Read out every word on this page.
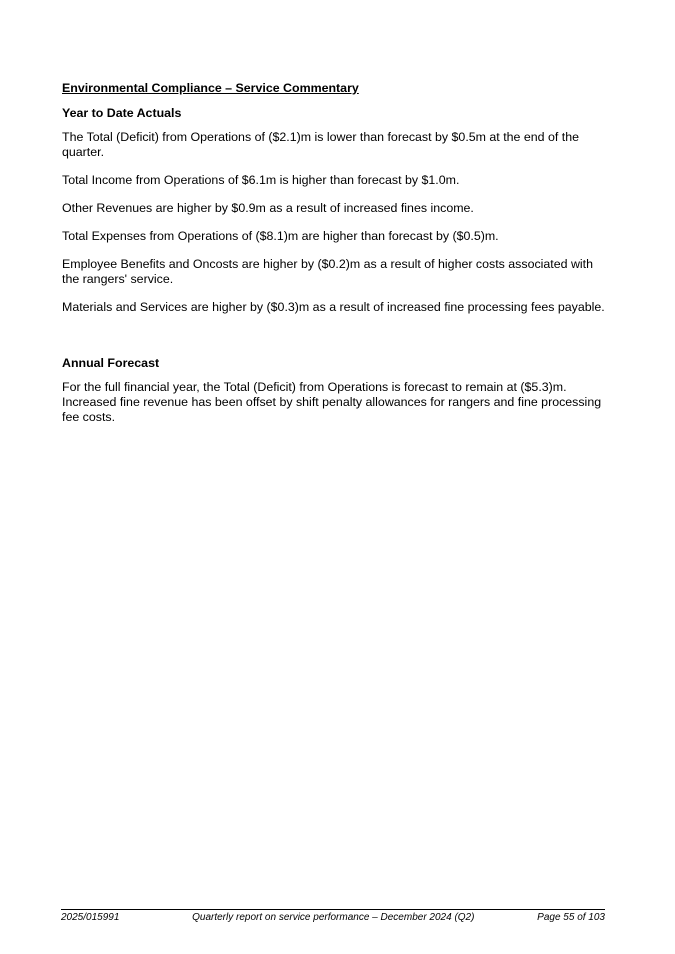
Environmental Compliance – Service Commentary

Year to Date Actuals

The Total (Deficit) from Operations of ($2.1)m is lower than forecast by $0.5m at the end of the quarter.

Total Income from Operations of $6.1m is higher than forecast by $1.0m.

Other Revenues are higher by $0.9m as a result of increased fines income.

Total Expenses from Operations of ($8.1)m are higher than forecast by ($0.5)m.

Employee Benefits and Oncosts are higher by ($0.2)m as a result of higher costs associated with the rangers' service.

Materials and Services are higher by ($0.3)m as a result of increased fine processing fees payable.

Annual Forecast

For the full financial year, the Total (Deficit) from Operations is forecast to remain at ($5.3)m. Increased fine revenue has been offset by shift penalty allowances for rangers and fine processing fee costs.

2025/015991	Quarterly report on service performance – December 2024 (Q2)	Page 55 of 103
